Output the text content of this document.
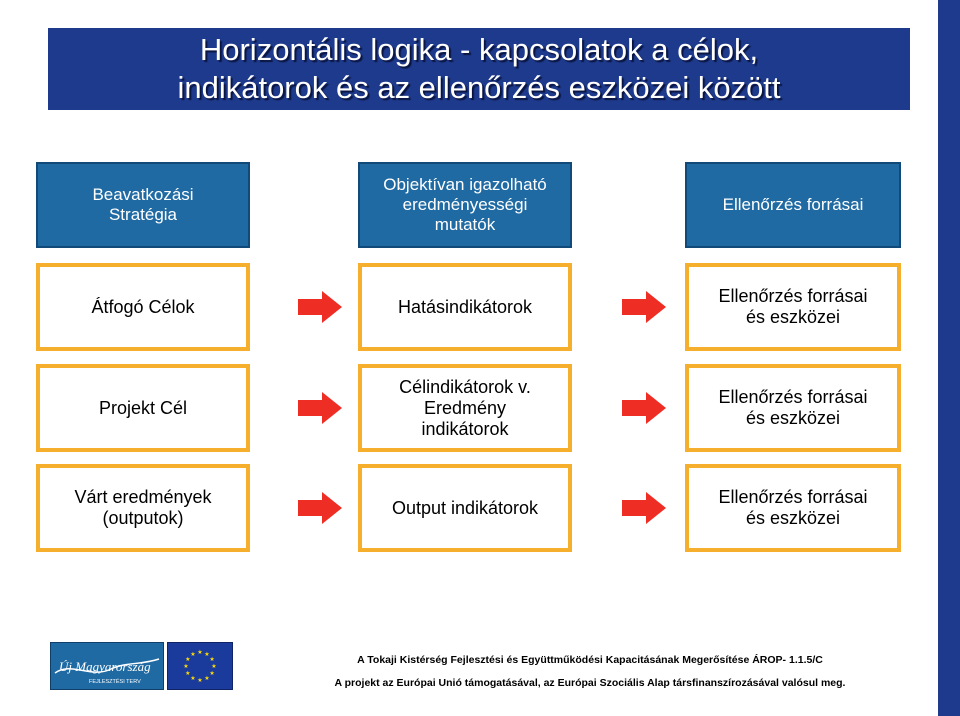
Horizontális logika - kapcsolatok a célok,
indikátorok és az ellenőrzés eszközei között
Beavatkozási
Stratégia
Objektívan igazolható
eredményességi
mutatók
Ellenőrzés forrásai
Átfogó Célok	Hatásindikátorok
Ellenőrzés forrásai
és eszközei
Projekt Cél
Célindikátorok v.
Eredmény
indikátorok
Ellenőrzés forrásai
és eszközei
Várt eredmények
(outputok)
Output indikátorok
Ellenőrzés forrásai
és eszközei
Új Magyarország
FEJLESZTÉSI TERV
★
★
★
★
★
★
★
★
★ ★ ★
★	A Tokaji Kistérség Fejlesztési és Együttműködési Kapacitásának Megerősítése ÁROP- 1.1.5/C
A projekt az Európai Unió támogatásával, az Európai Szociális Alap társfinanszírozásával valósul meg.
